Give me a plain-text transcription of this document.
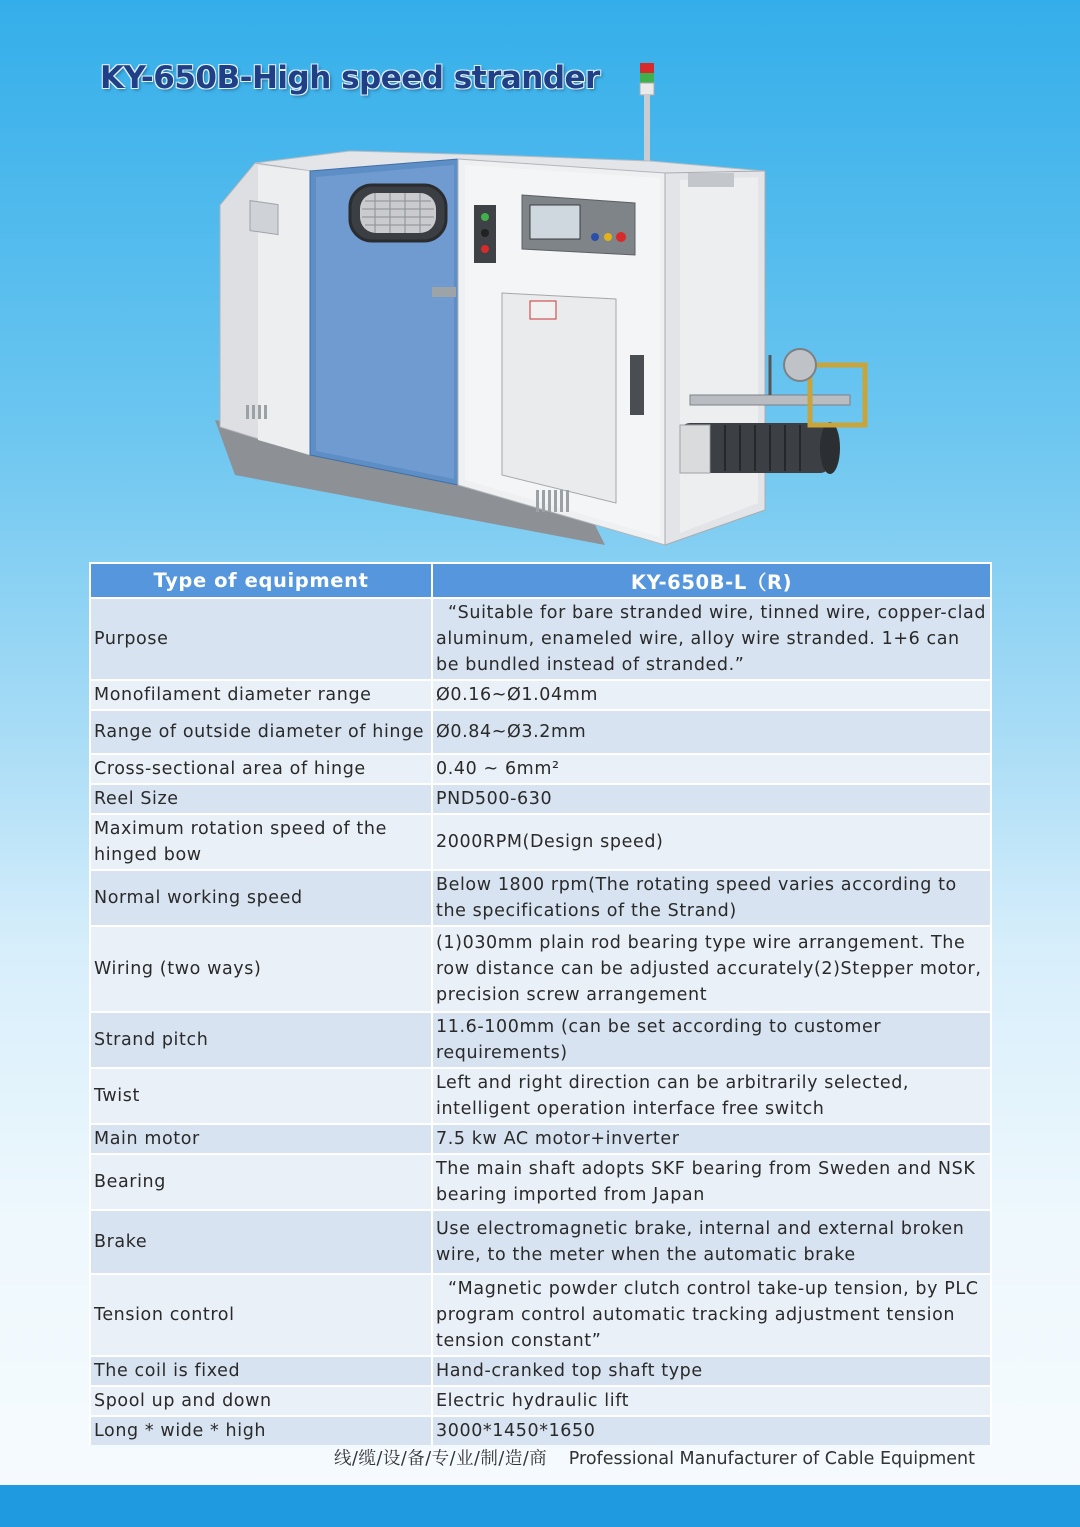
KY-650B-High speed strander
Type of equipment	KY-650B-L（R)
Purpose	“Suitable for bare stranded wire, tinned wire, copper-clad aluminum, enameled wire, alloy wire stranded. 1+6 can be bundled instead of stranded.”
Monofilament diameter range	Ø0.16~Ø1.04mm
Range of outside diameter of hinge	Ø0.84~Ø3.2mm
Cross-sectional area of hinge	0.40 ~ 6mm²
Reel Size	PND500-630
Maximum rotation speed of the hinged bow	2000RPM(Design speed)
Normal working speed	Below 1800 rpm(The rotating speed varies according to the specifications of the Strand)
Wiring (two ways)	(1)030mm plain rod bearing type wire arrangement. The row distance can be adjusted accurately(2)Stepper motor, precision screw arrangement
Strand pitch	11.6-100mm (can be set according to customer requirements)
Twist	Left and right direction can be arbitrarily selected, intelligent operation interface free switch
Main motor	7.5 kw AC motor+inverter
Bearing	The main shaft adopts SKF bearing from Sweden and NSK bearing imported from Japan
Brake	Use electromagnetic brake, internal and external broken wire, to the meter when the automatic brake
Tension control	“Magnetic powder clutch control take-up tension, by PLC program control automatic tracking adjustment tension tension constant”
The coil is fixed	Hand-cranked top shaft type
Spool up and down	Electric hydraulic lift
Long * wide * high	3000*1450*1650
线/缆/设/备/专/业/制/造/商 Professional Manufacturer of Cable Equipment
